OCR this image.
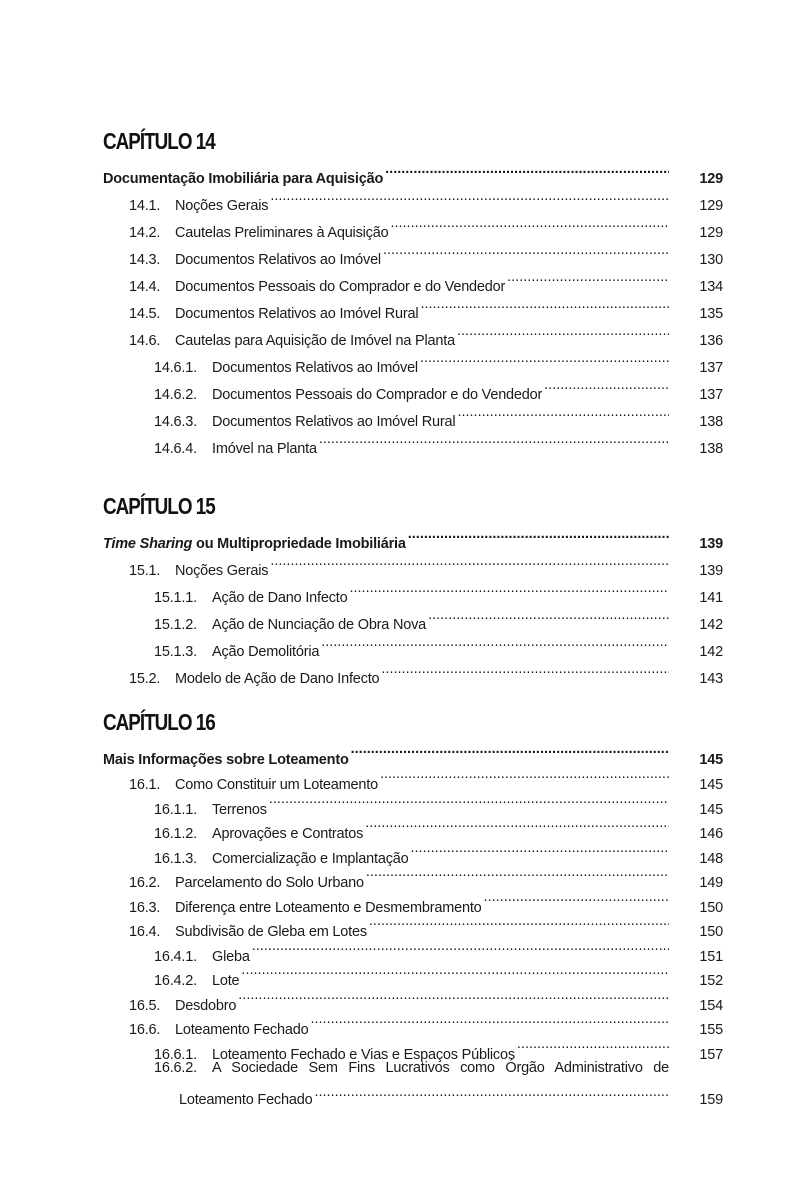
CAPÍTULO 14
Documentação Imobiliária para Aquisição .....	129
14.1.	Noções Gerais .....	129
14.2.	Cautelas Preliminares à Aquisição .....	129
14.3.	Documentos Relativos ao Imóvel .....	130
14.4.	Documentos Pessoais do Comprador e do Vendedor .....	134
14.5.	Documentos Relativos ao Imóvel Rural .....	135
14.6.	Cautelas para Aquisição de Imóvel na Planta .....	136
14.6.1.	Documentos Relativos ao Imóvel .....	137
14.6.2.	Documentos Pessoais do Comprador e do Vendedor .....	137
14.6.3.	Documentos Relativos ao Imóvel Rural .....	138
14.6.4.	Imóvel na Planta .....	138
CAPÍTULO 15
Time Sharing ou Multipropriedade Imobiliária .....	139
15.1.	Noções Gerais .....	139
15.1.1.	Ação de Dano Infecto .....	141
15.1.2.	Ação de Nunciação de Obra Nova .....	142
15.1.3.	Ação Demolitória .....	142
15.2.	Modelo de Ação de Dano Infecto .....	143
CAPÍTULO 16
Mais Informações sobre Loteamento .....	145
16.1.	Como Constituir um Loteamento .....	145
16.1.1.	Terrenos .....	145
16.1.2.	Aprovações e Contratos .....	146
16.1.3.	Comercialização e Implantação .....	148
16.2.	Parcelamento do Solo Urbano .....	149
16.3.	Diferença entre Loteamento e Desmembramento .....	150
16.4.	Subdivisão de Gleba em Lotes .....	150
16.4.1.	Gleba .....	151
16.4.2.	Lote .....	152
16.5.	Desdobro .....	154
16.6.	Loteamento Fechado .....	155
16.6.1.	Loteamento Fechado e Vias e Espaços Públicos .....	157
16.6.2.	A Sociedade Sem Fins Lucrativos como Órgão Administrativo de
Loteamento Fechado .....	159
